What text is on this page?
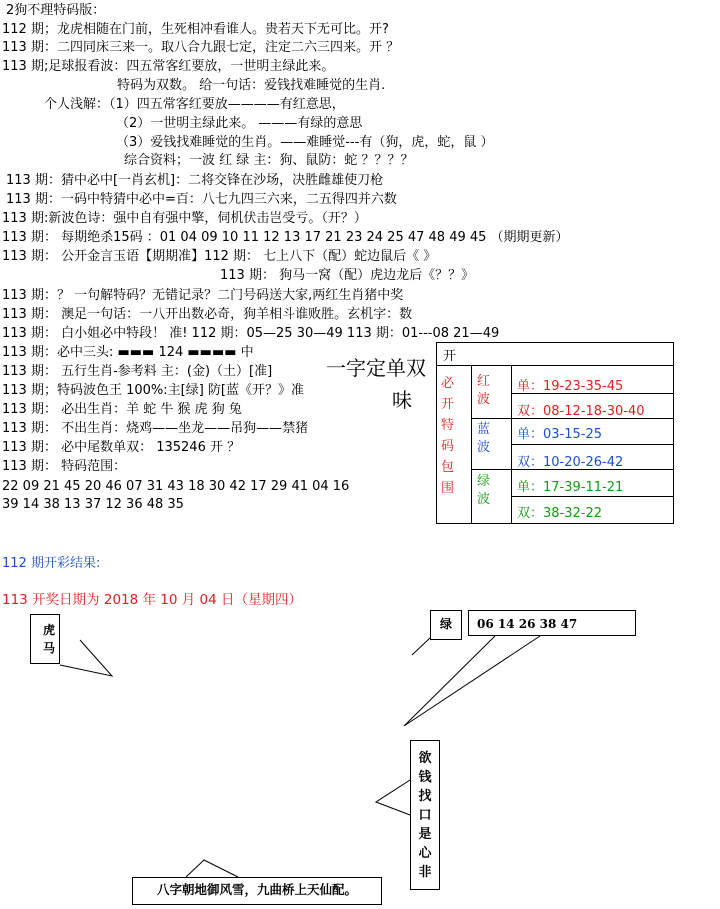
2狗不理特码版：
112 期；龙虎相随在门前，生死相冲看谁人。贵若天下无可比。开?
113 期：二四同床三来一。取八合九跟七定，注定二六三四来。开 ？
113 期;足球报看波：四五常客红要放，一世明主绿此来。
特码为双数。 给一句话：爱钱找难睡觉的生肖.
个人浅解：（1）四五常客红要放————有红意思，
（2）一世明主绿此来。 ———有绿的意思
（3）爱钱找难睡觉的生肖。——难睡觉---有（狗，虎，蛇，鼠 ）
综合资料；一波 红 绿 主：狗、鼠防：蛇 ？？？？
113 期：猜中必中[一肖玄机]：二将交锋在沙场，决胜雌雄使刀枪
113 期：一码中特猜中必中=百：八七九四三六来，二五得四并六数
113 期:新波色诗：强中自有强中擎，伺机伏击岂受亏。（开？）
113 期： 每期绝杀15码 ：01 04 09 10 11 12 13 17 21 23 24 25 47 48 49 45 （期期更新）
113 期： 公开金言玉语【期期准】112 期： 七上八下（配）蛇边鼠后《 》
113 期： 狗马一窝（配）虎边龙后《？？》
113 期：？ 一句解特码？无错记录？二门号码送大家,两红生肖猪中奖
113 期： 澳足一句话：一八开出数必奇，狗羊相斗谁败胜。玄机字：数
113 期： 白小姐必中特段！ 准! 112 期：05—25 30—49 113 期：01---08 21—49
113 期：必中三头: ▬▬▬ 124 ▬▬▬▬ 中
113 期： 五行生肖-参考料 主：(金)（土）[准]
113 期；特码波色王 100%:主[绿] 防[蓝《开？》准
113 期： 必出生肖：羊 蛇 牛 猴 虎 狗 兔
113 期： 不出生肖：烧鸡——坐龙——吊狗——禁猪
113 期： 必中尾数单双： 135246 开 ？
113 期： 特码范围：
22 09 21 45 20 46 07 31 43 18 30 42 17 29 41 04 16
39 14 38 13 37 12 36 48 35
一字定单双
味
开
必开特码包围
红波
蓝波
绿波
单：19-23-35-45
双：08-12-18-30-40
单：03-15-25
双：10-20-26-42
单：17-39-11-21
双：38-32-22
112 期开彩结果:
113 开奖日期为 2018 年 10 月 04 日（星期四）
虎
马
绿	06 14 26 38 47
欲
钱
找
口
是
心
非
八字朝地御风雪，九曲桥上天仙配。
